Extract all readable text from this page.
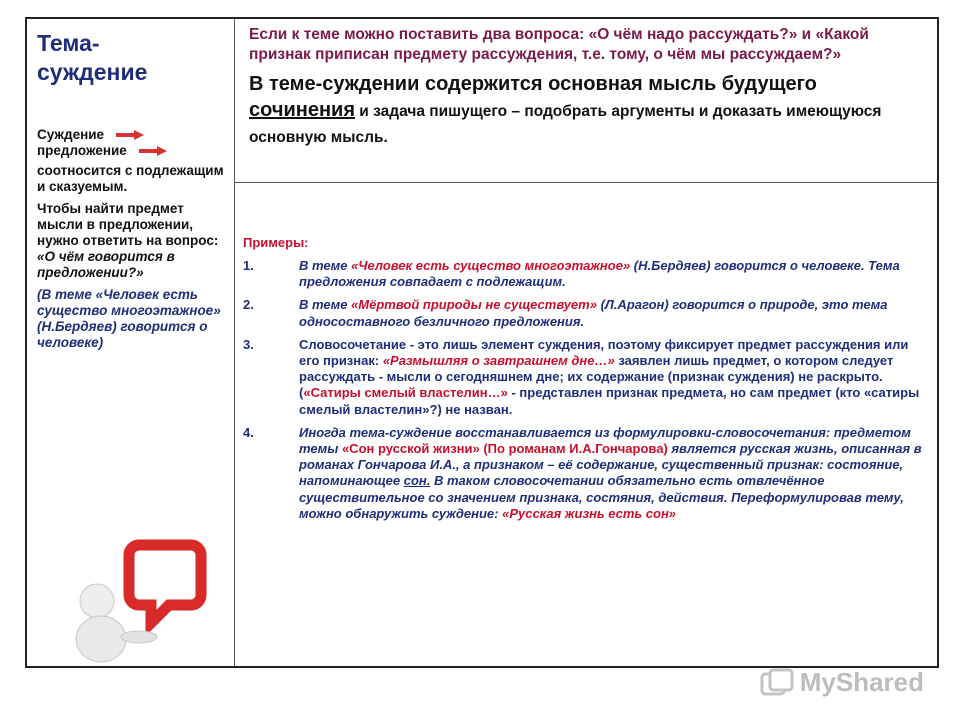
Тема-
суждение
Суждение
предложение
соотносится с подлежащим и сказуемым.
Чтобы найти предмет мысли в предложении, нужно ответить на вопрос: «О чём говорится в предложении?»
(В теме «Человек есть существо многоэтажное» (Н.Бердяев) говорится о человеке)
Если к теме можно поставить два вопроса: «О чём надо рассуждать?» и «Какой признак приписан предмету рассуждения, т.е. тому, о чём мы рассуждаем?»
В теме-суждении содержится основная мысль будущего сочинения и задача пишущего – подобрать аргументы и доказать имеющуюся основную мысль.
Примеры:
1.	В теме «Человек есть существо многоэтажное» (Н.Бердяев) говорится о человеке. Тема предложения совпадает с подлежащим.
2.	В теме «Мёртвой природы не существует» (Л.Арагон) говорится о природе, это тема односоставного безличного предложения.
3.	Словосочетание - это лишь элемент суждения, поэтому фиксирует предмет рассуждения или его признак: «Размышляя о завтрашнем дне…» заявлен лишь предмет, о котором следует рассуждать - мысли о сегодняшнем дне; их содержание (признак суждения) не раскрыто. («Сатиры смелый властелин…» - представлен признак предмета, но сам предмет (кто «сатиры смелый властелин»?) не назван.
4.	Иногда тема-суждение восстанавливается из формулировки-словосочетания: предметом темы «Сон русской жизни» (По романам И.А.Гончарова) является русская жизнь, описанная в романах Гончарова И.А., а признаком – её содержание, существенный признак: состояние, напоминающее сон. В таком словосочетании обязательно есть отвлечённое существительное со значением признака, состяния, действия. Переформулировав тему, можно обнаружить суждение: «Русская жизнь есть сон»
MyShared
